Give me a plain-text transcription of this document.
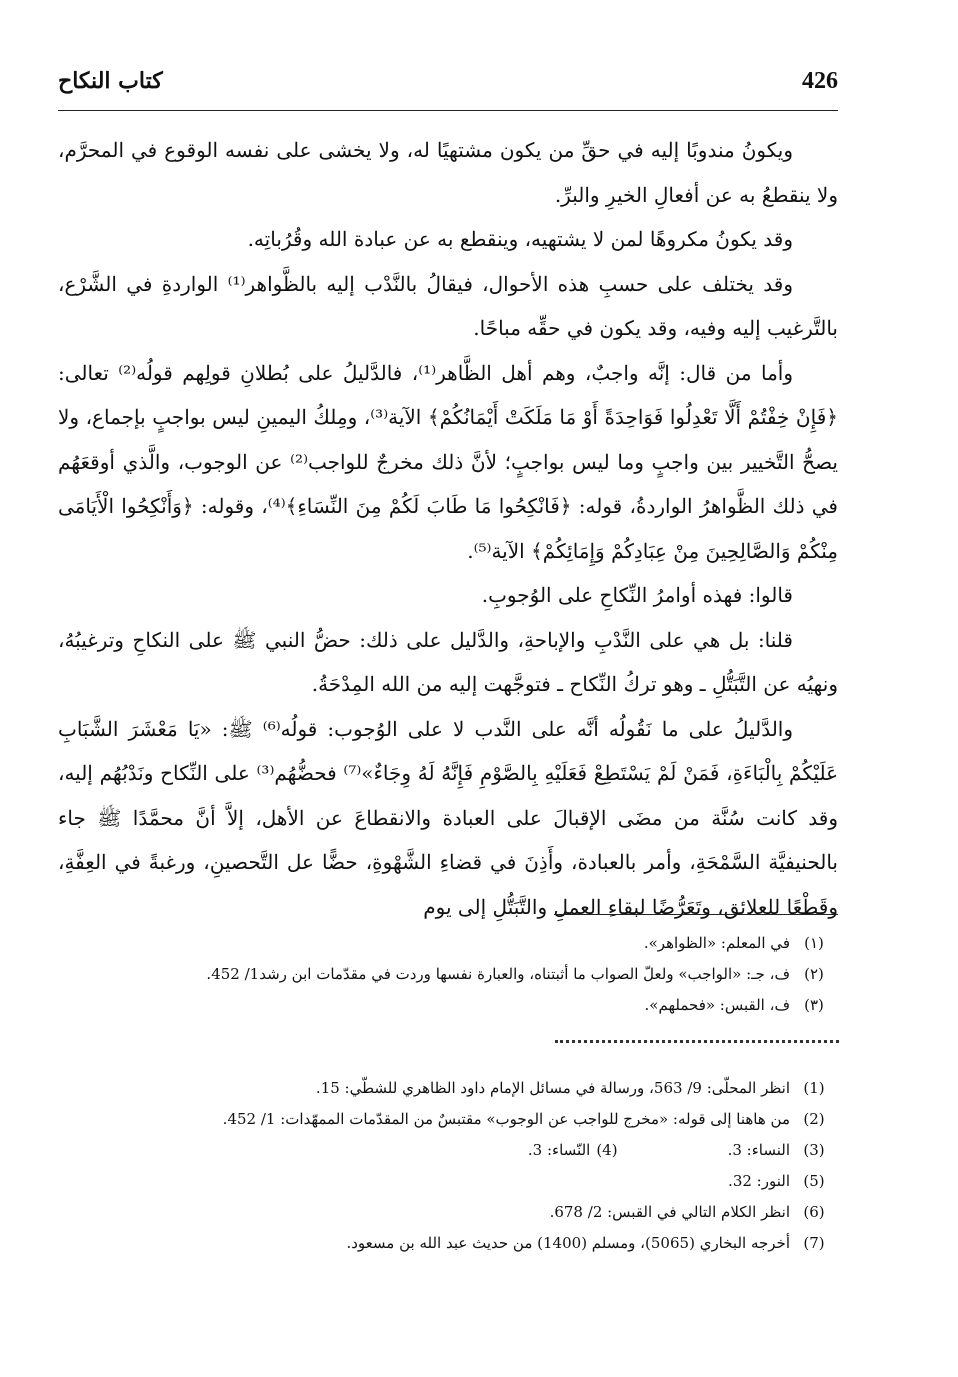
426
كتاب النكاح

ويكونُ مندوبًا إليه في حقِّ من يكون مشتهيًا له، ولا يخشى على نفسه الوقوع في المحرَّم، ولا ينقطعُ به عن أفعالِ الخيرِ والبرِّ.

وقد يكونُ مكروهًا لمن لا يشتهيه، وينقطع به عن عبادة الله وقُرُباتِه.

وقد يختلف على حسبِ هذه الأحوال، فيقالُ بالنَّدْب إليه بالظَّواهر⁽¹⁾ الواردةِ في الشَّرْع، بالتَّرغيب إليه وفيه، وقد يكون في حقِّه مباحًا.

وأما من قال: إنَّه واجبٌ، وهم أهل الظَّاهر⁽¹⁾، فالدَّليلُ على بُطلانِ قولِهم قولُه⁽²⁾ تعالى: ﴿فَإِنْ خِفْتُمْ أَلَّا تَعْدِلُوا فَوَاحِدَةً أَوْ مَا مَلَكَتْ أَيْمَانُكُمْ﴾ الآية⁽³⁾، ومِلكُ اليمينِ ليس بواجبٍ بإجماع، ولا يصحُّ التَّخيير بين واجبٍ وما ليس بواجبٍ؛ لأنَّ ذلك مخرجٌ للواجب⁽²⁾ عن الوجوب، والَّذي أوقعَهُم في ذلك الظَّواهرُ الواردةُ، قوله: ﴿فَانْكِحُوا مَا طَابَ لَكُمْ مِنَ النِّسَاءِ﴾⁽⁴⁾، وقوله: ﴿وَأَنْكِحُوا الْأَيَامَى مِنْكُمْ وَالصَّالِحِينَ مِنْ عِبَادِكُمْ وَإِمَائِكُمْ﴾ الآية⁽⁵⁾.

قالوا: فهذه أوامرُ النِّكاحِ على الوُجوبِ.

قلنا: بل هي على النَّدْبِ والإباحةِ، والدَّليل على ذلك: حضُّ النبي ﷺ على النكاحِ وترغيبُهُ، ونهيُه عن التَّبَتُّلِ ـ وهو تركُ النِّكاح ـ فتوجَّهت إليه من الله المِدْحَةُ.

والدَّليلُ على ما نَقُولُه أنَّه على النَّدب لا على الوُجوب: قولُه⁽⁶⁾ ﷺ: «يَا مَعْشَرَ الشَّبَابِ عَلَيْكُمْ بِالْبَاءَةِ، فَمَنْ لَمْ يَسْتَطِعْ فَعَلَيْهِ بِالصَّوْمِ فَإِنَّهُ لَهُ وِجَاءٌ»⁽⁷⁾ فحضُّهُم⁽³⁾ على النِّكاح ونَدْبُهُم إليه، وقد كانت سُنَّة من مضَى الإقبالَ على العبادة والانقطاعَ عن الأهل، إلاَّ أنَّ محمَّدًا ﷺ جاء بالحنيفيَّة السَّمْحَةِ، وأمر بالعبادة، وأَذِنَ في قضاءِ الشَّهْوةِ، حضًّا عل التَّحصينِ، ورغبةً في العِفَّةِ، وقَطْعًا للعلائق، وتَعَرُّضًا لبقاءِ العملِ والتَّبَتُّلِ إلى يوم

(١)
في المعلم: «الظواهر».
(٢)
ف، جـ: «الواجب» ولعلّ الصواب ما أثبتناه، والعبارة نفسها وردت في مقدّمات ابن رشد1/ 452.
(٣)
ف، القبس: «فحملهم».
(1)
انظر المحلّى: 9/ 563، ورسالة في مسائل الإمام داود الظاهري للشطّي: 15.
(2)
من هاهنا إلى قوله: «مخرج للواجب عن الوجوب» مقتبسٌ من المقدّمات الممهّدات: 1/ 452.
(3)
النساء: 3.
(4)
النّساء: 3.
(5)
النور: 32.
(6)
انظر الكلام التالي في القبس: 2/ 678.
(7)
أخرجه البخاري (5065)، ومسلم (1400) من حديث عبد الله بن مسعود.
